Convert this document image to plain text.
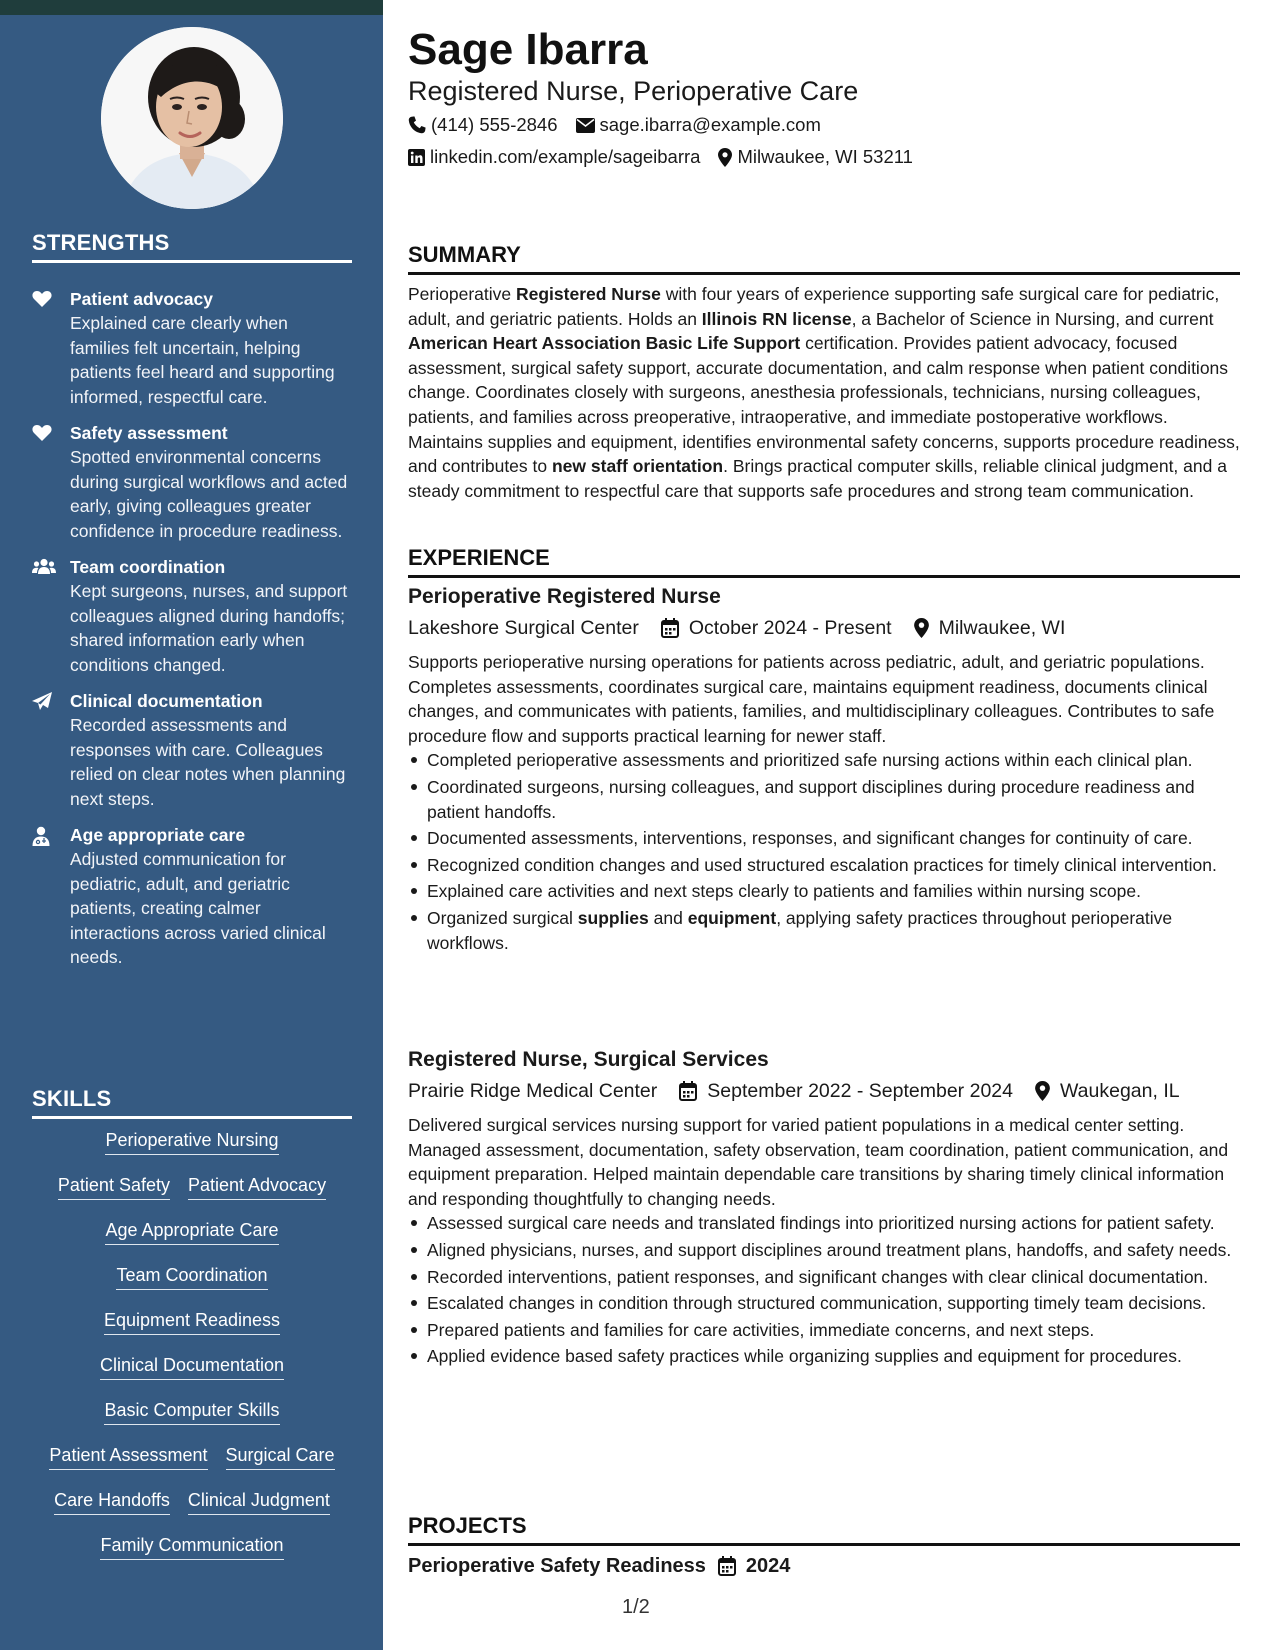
STRENGTHS
Patient advocacy
Explained care clearly when families felt uncertain, helping patients feel heard and supporting informed, respectful care.
Safety assessment
Spotted environmental concerns during surgical workflows and acted early, giving colleagues greater confidence in procedure readiness.
Team coordination
Kept surgeons, nurses, and support colleagues aligned during handoffs; shared information early when conditions changed.
Clinical documentation
Recorded assessments and responses with care. Colleagues relied on clear notes when planning next steps.
Age appropriate care
Adjusted communication for pediatric, adult, and geriatric patients, creating calmer interactions across varied clinical needs.
SKILLS
Perioperative Nursing
Patient Safety Patient Advocacy
Age Appropriate Care
Team Coordination
Equipment Readiness
Clinical Documentation
Basic Computer Skills
Patient Assessment Surgical Care
Care Handoffs Clinical Judgment
Family Communication
Sage Ibarra
Registered Nurse, Perioperative Care
(414) 555-2846 sage.ibarra@example.com
linkedin.com/example/sageibarra Milwaukee, WI 53211
SUMMARY
Perioperative Registered Nurse with four years of experience supporting safe surgical care for pediatric, adult, and geriatric patients. Holds an Illinois RN license, a Bachelor of Science in Nursing, and current American Heart Association Basic Life Support certification. Provides patient advocacy, focused assessment, surgical safety support, accurate documentation, and calm response when patient conditions change. Coordinates closely with surgeons, anesthesia professionals, technicians, nursing colleagues, patients, and families across preoperative, intraoperative, and immediate postoperative workflows. Maintains supplies and equipment, identifies environmental safety concerns, supports procedure readiness, and contributes to new staff orientation. Brings practical computer skills, reliable clinical judgment, and a steady commitment to respectful care that supports safe procedures and strong team communication.
EXPERIENCE
Perioperative Registered Nurse
Lakeshore Surgical Center	October 2024 - Present Milwaukee, WI
Supports perioperative nursing operations for patients across pediatric, adult, and geriatric populations. Completes assessments, coordinates surgical care, maintains equipment readiness, documents clinical changes, and communicates with patients, families, and multidisciplinary colleagues. Contributes to safe procedure flow and supports practical learning for newer staff.
Completed perioperative assessments and prioritized safe nursing actions within each clinical plan.
Coordinated surgeons, nursing colleagues, and support disciplines during procedure readiness and patient handoffs.
Documented assessments, interventions, responses, and significant changes for continuity of care.
Recognized condition changes and used structured escalation practices for timely clinical intervention.
Explained care activities and next steps clearly to patients and families within nursing scope.
Organized surgical supplies and equipment, applying safety practices throughout perioperative workflows.
Registered Nurse, Surgical Services
Prairie Ridge Medical Center	September 2022 - September 2024 Waukegan, IL
Delivered surgical services nursing support for varied patient populations in a medical center setting. Managed assessment, documentation, safety observation, team coordination, patient communication, and equipment preparation. Helped maintain dependable care transitions by sharing timely clinical information and responding thoughtfully to changing needs.
Assessed surgical care needs and translated findings into prioritized nursing actions for patient safety.
Aligned physicians, nurses, and support disciplines around treatment plans, handoffs, and safety needs.
Recorded interventions, patient responses, and significant changes with clear clinical documentation.
Escalated changes in condition through structured communication, supporting timely team decisions.
Prepared patients and families for care activities, immediate concerns, and next steps.
Applied evidence based safety practices while organizing supplies and equipment for procedures.
PROJECTS
Perioperative Safety Readiness 2024
1/2
